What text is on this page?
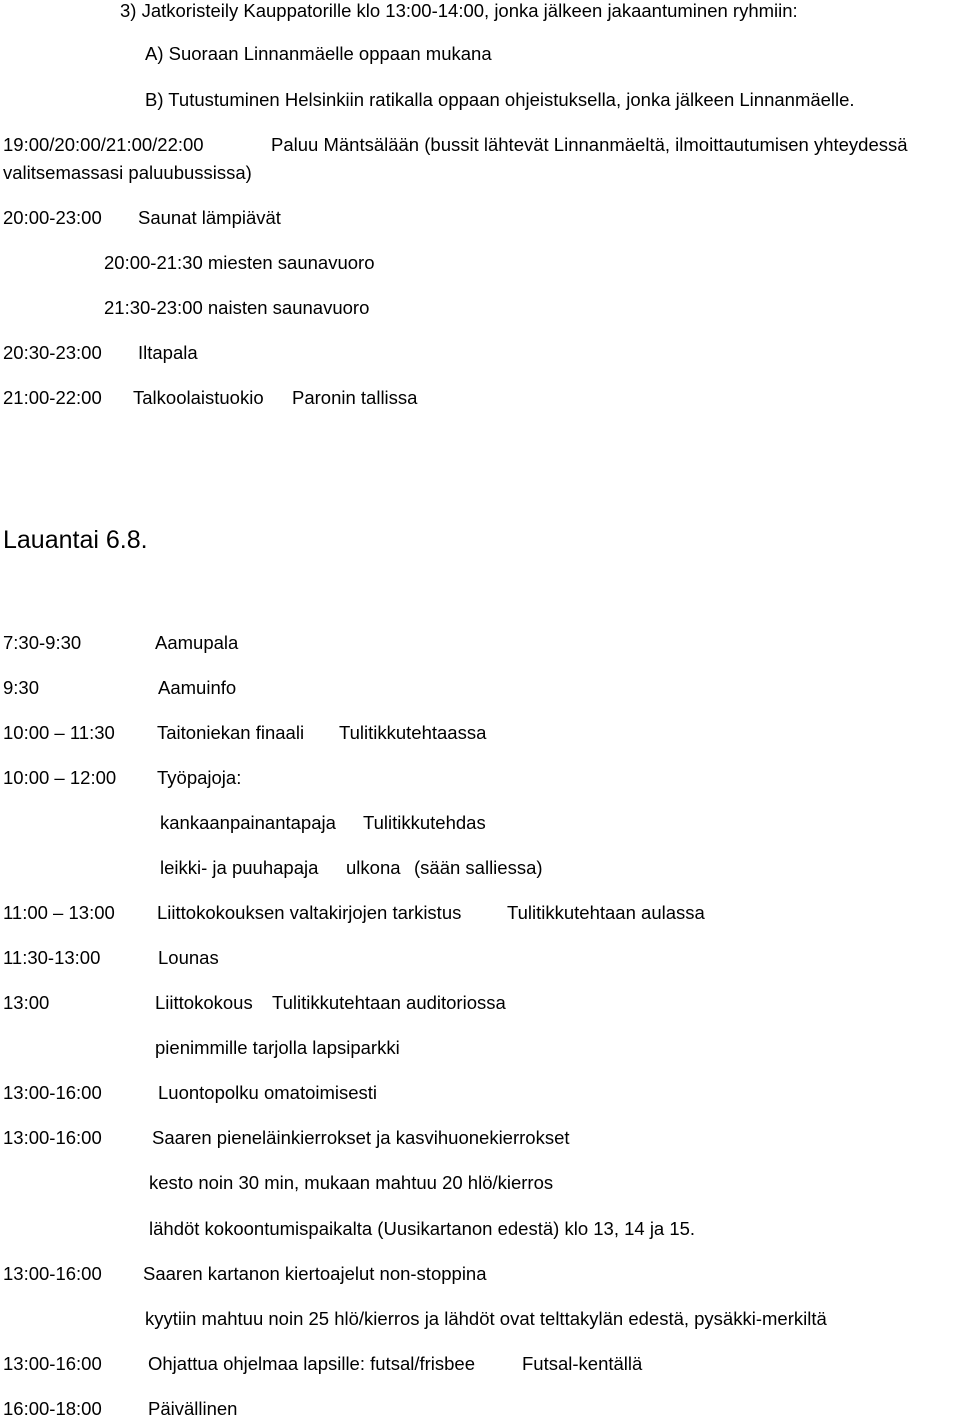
3) Jatkoristeily Kauppatorille klo 13:00-14:00, jonka jälkeen jakaantuminen ryhmiin:
A) Suoraan Linnanmäelle oppaan mukana
B) Tutustuminen Helsinkiin ratikalla oppaan ohjeistuksella, jonka jälkeen Linnanmäelle.
19:00/20:00/21:00/22:00	Paluu Mäntsälään (bussit lähtevät Linnanmäeltä, ilmoittautumisen yhteydessä
valitsemassasi paluubussissa)
20:00-23:00 Saunat lämpiävät
20:00-21:30 miesten saunavuoro
21:30-23:00 naisten saunavuoro
20:30-23:00 Iltapala
21:00-22:00 Talkoolaistuokio Paronin tallissa
Lauantai 6.8.
7:30-9:30	Aamupala
9:30	Aamuinfo
10:00 – 11:30 Taitoniekan finaali Tulitikkutehtaassa
10:00 – 12:00 Työpajoja:
kankaanpainantapaja Tulitikkutehdas
leikki- ja puuhapaja ulkona (sään salliessa)
11:00 – 13:00 Liittokokouksen valtakirjojen tarkistus Tulitikkutehtaan aulassa
11:30-13:00	Lounas
13:00	Liittokokous Tulitikkutehtaan auditoriossa
pienimmille tarjolla lapsiparkki
13:00-16:00	Luontopolku omatoimisesti
13:00-16:00	Saaren pieneläinkierrokset ja kasvihuonekierrokset
kesto noin 30 min, mukaan mahtuu 20 hlö/kierros
lähdöt kokoontumispaikalta (Uusikartanon edestä) klo 13, 14 ja 15.
13:00-16:00 Saaren kartanon kiertoajelut non-stoppina
kyytiin mahtuu noin 25 hlö/kierros ja lähdöt ovat telttakylän edestä, pysäkki-merkiltä
13:00-16:00 Ohjattua ohjelmaa lapsille: futsal/frisbee	Futsal-kentällä
16:00-18:00 Päivällinen
